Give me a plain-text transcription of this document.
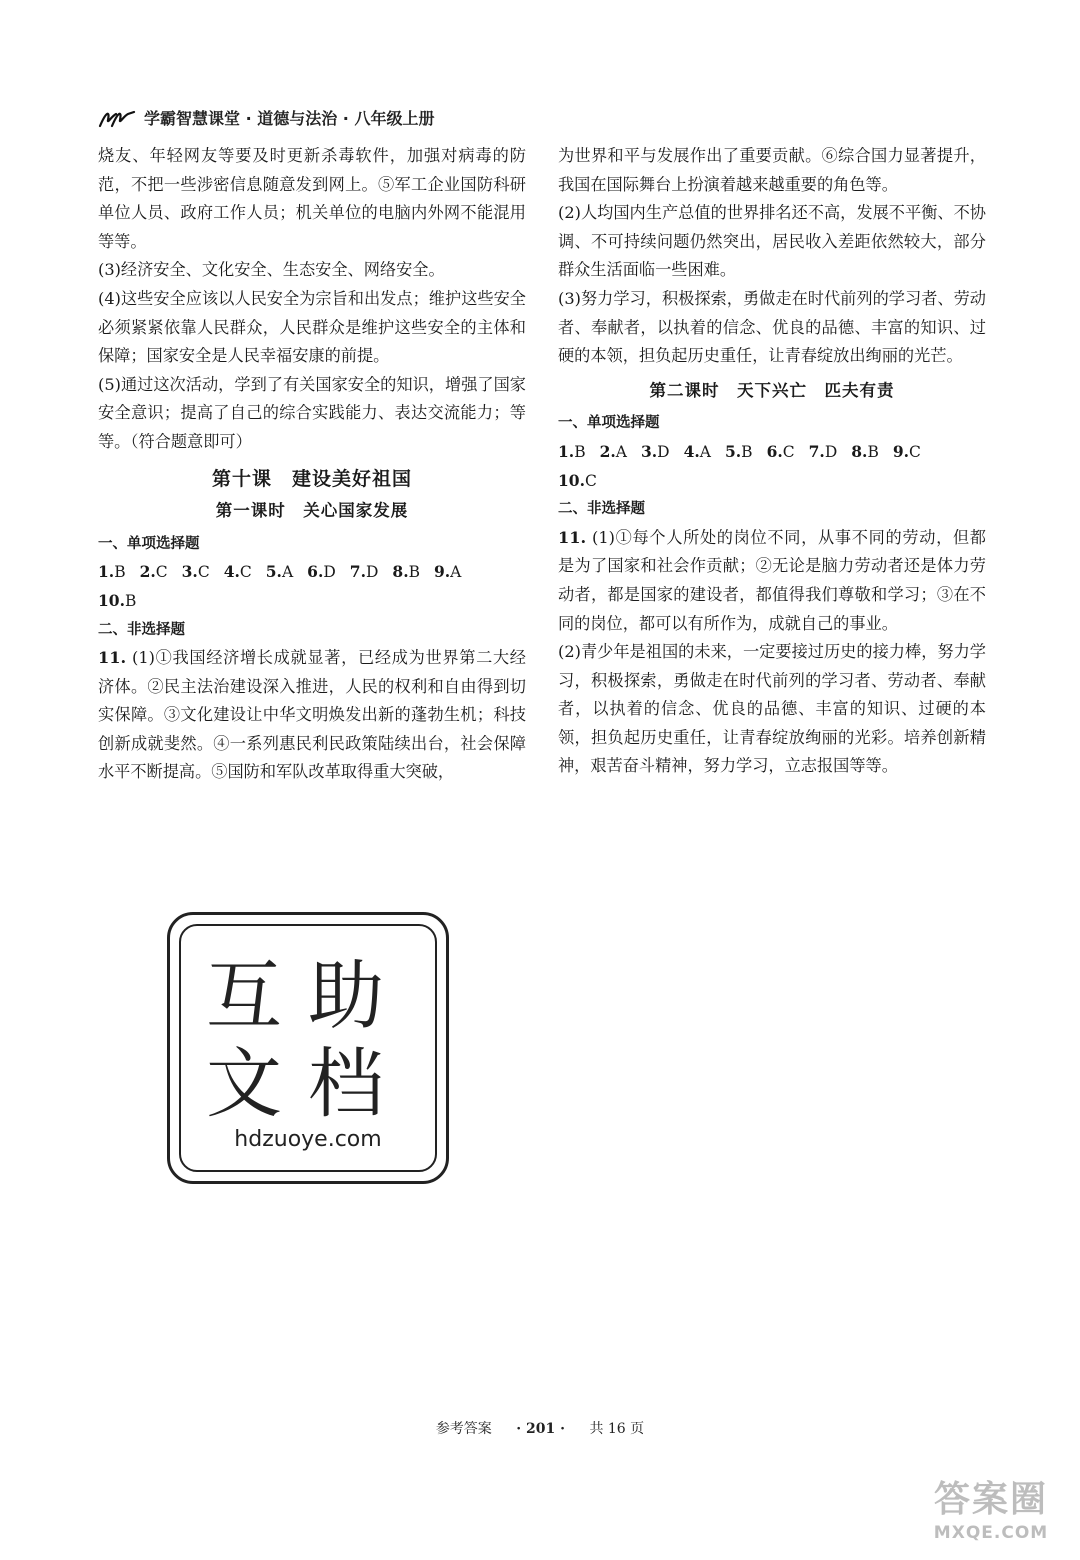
学霸智慧课堂 · 道德与法治 · 八年级上册

烧友、年轻网友等要及时更新杀毒软件，加强对病毒的防范，不把一些涉密信息随意发到网上。⑤军工企业国防科研单位人员、政府工作人员；机关单位的电脑内外网不能混用等等。

(3)经济安全、文化安全、生态安全、网络安全。

(4)这些安全应该以人民安全为宗旨和出发点；维护这些安全必须紧紧依靠人民群众，人民群众是维护这些安全的主体和保障；国家安全是人民幸福安康的前提。

(5)通过这次活动，学到了有关国家安全的知识，增强了国家安全意识；提高了自己的综合实践能力、表达交流能力；等等。（符合题意即可）

第十课　建设美好祖国
第一课时　关心国家发展
一、单项选择题
1.B 2.C 3.C 4.C 5.A 6.D 7.D 8.B 9.A
10.B
二、非选择题

11. (1)①我国经济增长成就显著，已经成为世界第二大经济体。②民主法治建设深入推进，人民的权利和自由得到切实保障。③文化建设让中华文明焕发出新的蓬勃生机；科技创新成就斐然。④一系列惠民利民政策陆续出台，社会保障水平不断提高。⑤国防和军队改革取得重大突破，

为世界和平与发展作出了重要贡献。⑥综合国力显著提升，我国在国际舞台上扮演着越来越重要的角色等。

(2)人均国内生产总值的世界排名还不高，发展不平衡、不协调、不可持续问题仍然突出，居民收入差距依然较大，部分群众生活面临一些困难。

(3)努力学习，积极探索，勇做走在时代前列的学习者、劳动者、奉献者，以执着的信念、优良的品德、丰富的知识、过硬的本领，担负起历史重任，让青春绽放出绚丽的光芒。

第二课时　天下兴亡　匹夫有责
一、单项选择题
1.B 2.A 3.D 4.A 5.B 6.C 7.D 8.B 9.C
10.C
二、非选择题

11. (1)①每个人所处的岗位不同，从事不同的劳动，但都是为了国家和社会作贡献；②无论是脑力劳动者还是体力劳动者，都是国家的建设者，都值得我们尊敬和学习；③在不同的岗位，都可以有所作为，成就自己的事业。

(2)青少年是祖国的未来，一定要接过历史的接力棒，努力学习，积极探索，勇做走在时代前列的学习者、劳动者、奉献者，以执着的信念、优良的品德、丰富的知识、过硬的本领，担负起历史重任，让青春绽放绚丽的光彩。培养创新精神，艰苦奋斗精神，努力学习，立志报国等等。

互助
文档
hdzuoye.com
参考答案 · 201 · 共 16 页
答案圈
MXQE.COM
